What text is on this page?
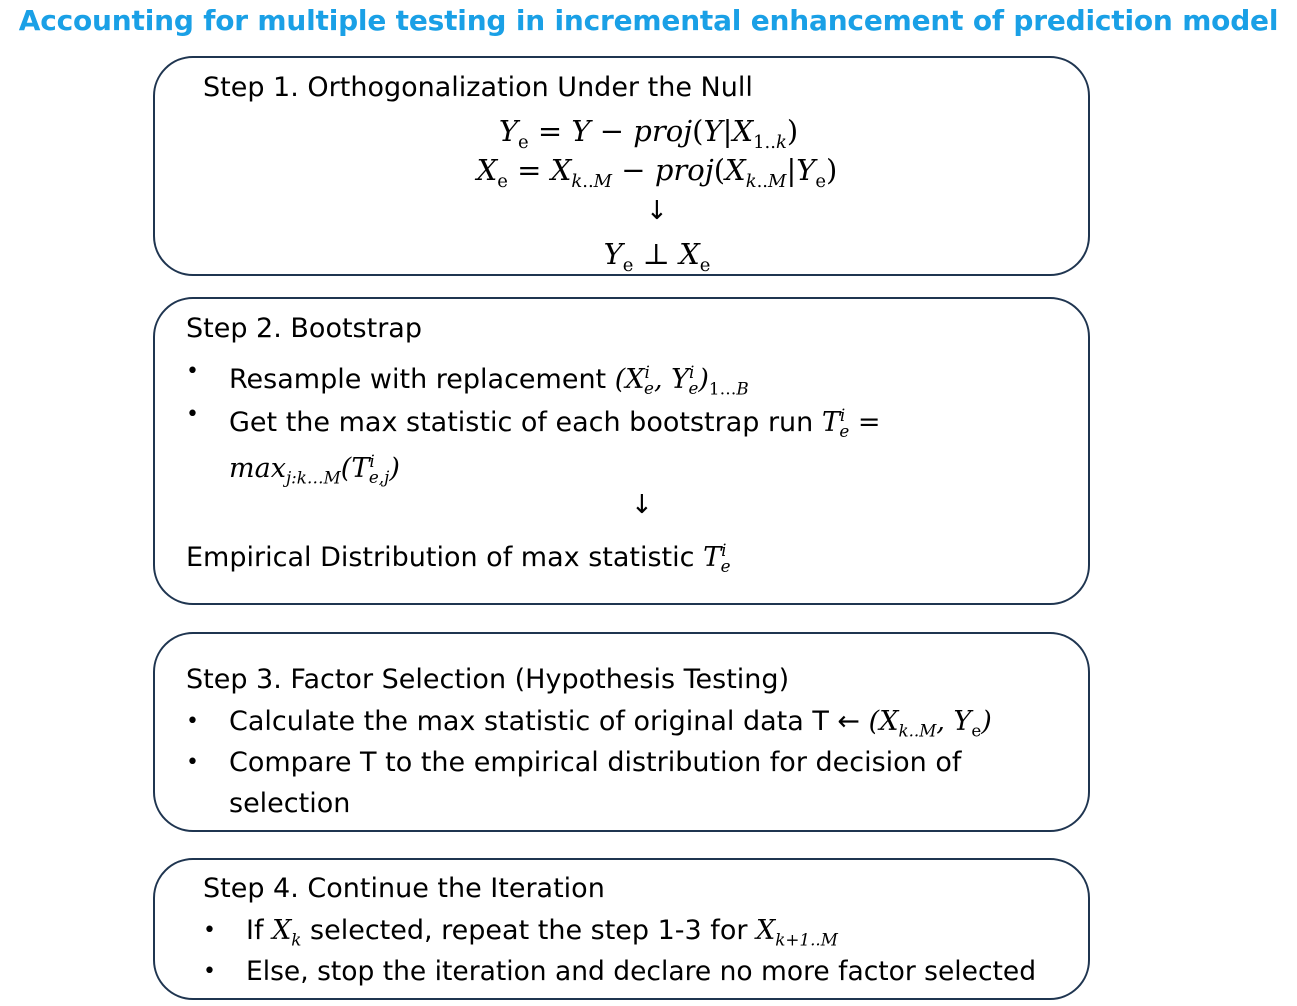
Accounting for multiple testing in incremental enhancement of prediction model
Step 1. Orthogonalization Under the Null
$Y_e = Y$ − $proj(Y|X_{1..k})$
$X_e = X_{k..M}$ − $proj(X_{k..M}|Y_e)$
↓
$Y_e$ ⊥ $X_e$
Step 2. Bootstrap
• Resample with replacement ($X^i_e$, $Y^i_e)_{1\dots B}$
• Get the max statistic of each bootstrap run $T^i_e$ =
$\max_{j:k\dots M}(T^i_{e,j})$
↓
Empirical Distribution of max statistic $T^i_e$
Step 3. Factor Selection (Hypothesis Testing)
• Calculate the max statistic of original data T ← ($X_{k..M}$, $Y_e$)
• Compare T to the empirical distribution for decision of
selection
Step 4. Continue the Iteration
• If $X_k$ selected, repeat the step 1-3 for $X_{k+1..M}$
• Else, stop the iteration and declare no more factor selected
